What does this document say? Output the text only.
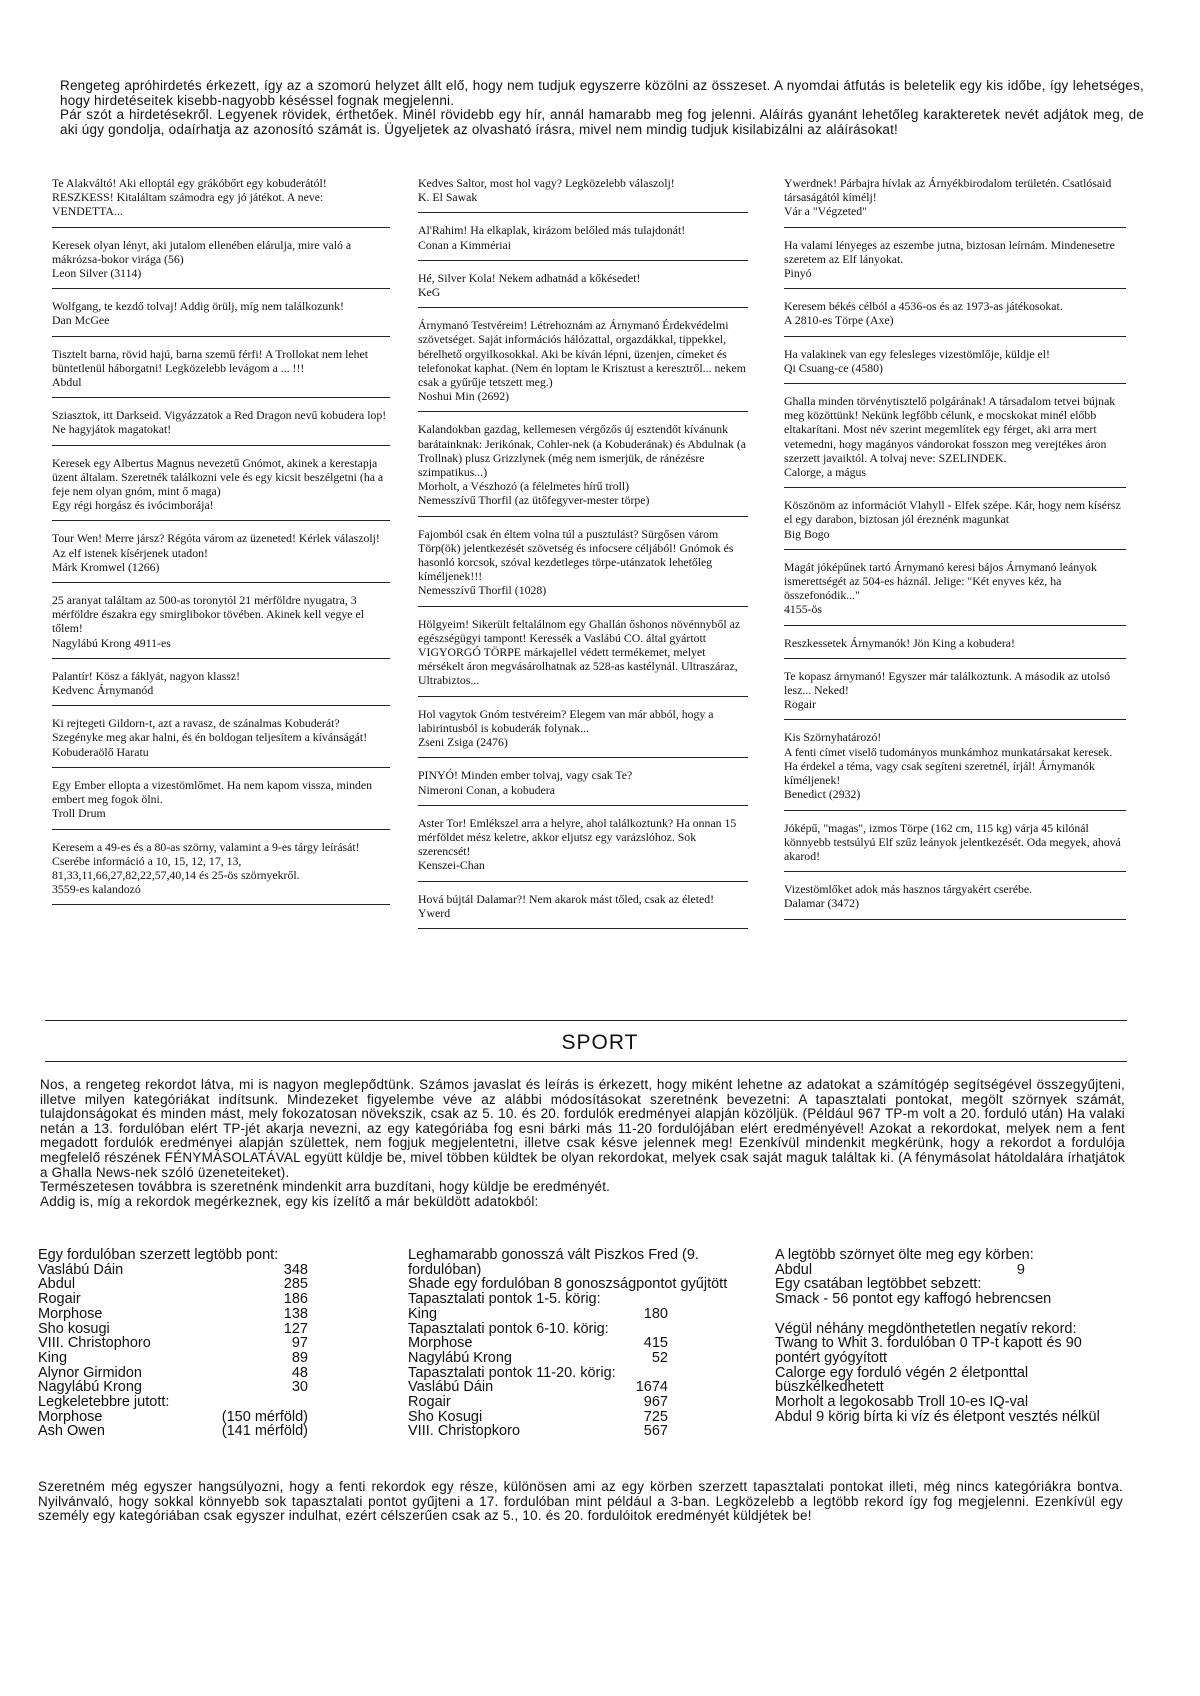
Rengeteg apróhirdetés érkezett, így az a szomorú helyzet állt elő, hogy nem tudjuk egyszerre közölni az összeset. A nyomdai átfutás is beletelik egy kis időbe, így lehetséges, hogy hirdetéseitek kisebb-nagyobb késéssel fognak megjelenni.

Pár szót a hirdetésekről. Legyenek rövidek, érthetőek. Minél rövidebb egy hír, annál hamarabb meg fog jelenni. Aláírás gyanánt lehetőleg karakteretek nevét adjátok meg, de aki úgy gondolja, odaírhatja az azonosító számát is. Ügyeljetek az olvasható írásra, mivel nem mindig tudjuk kisilabizálni az aláírásokat!

Te Alakváltó! Aki elloptál egy grákóbőrt egy kobuderától! RESZKESS! Kitaláltam számodra egy jó játékot. A neve: VENDETTA...
Keresek olyan lényt, aki jutalom ellenében elárulja, mire való a mákrózsa-bokor virága (56)
Leon Silver (3114)
Wolfgang, te kezdő tolvaj! Addig örülj, míg nem találkozunk!
Dan McGee
Tisztelt barna, rövid hajú, barna szemű férfi! A Trollokat nem lehet büntetlenül háborgatni! Legközelebb levágom a ... !!!
Abdul
Sziasztok, itt Darkseid. Vigyázzatok a Red Dragon nevű kobudera lop! Ne hagyjátok magatokat!
Keresek egy Albertus Magnus nevezetű Gnómot, akinek a kerestapja üzent általam. Szeretnék találkozni vele és egy kicsit beszélgetni (ha a feje nem olyan gnóm, mint ő maga)
Egy régi horgász és ivócimborája!
Tour Wen! Merre jársz? Régóta várom az üzeneted! Kérlek válaszolj! Az elf istenek kísérjenek utadon!
Márk Kromwel (1266)
25 aranyat találtam az 500-as toronytól 21 mérföldre nyugatra, 3 mérföldre északra egy smirglibokor tövében. Akinek kell vegye el tőlem!
Nagylábú Krong 4911-es
Palantír! Kösz a fáklyát, nagyon klassz!
Kedvenc Árnymanód
Ki rejtegeti Gildorn-t, azt a ravasz, de szánalmas Kobuderát? Szegényke meg akar halni, és én boldogan teljesítem a kívánságát!
Kobuderaölő Haratu
Egy Ember ellopta a vizestömlőmet. Ha nem kapom vissza, minden embert meg fogok ölni.
Troll Drum
Keresem a 49-es és a 80-as szörny, valamint a 9-es tárgy leírását! Cserébe információ a 10, 15, 12, 17, 13, 81,33,11,66,27,82,22,57,40,14 és 25-ös szörnyekről.
3559-es kalandozó
Kedves Saltor, most hol vagy? Legközelebb válaszolj!
K. El Sawak
Al'Rahim! Ha elkaplak, kirázom belőled más tulajdonát!
Conan a Kimmériai
Hé, Silver Kola! Nekem adhatnád a kőkésedet!
KeG
Árnymanó Testvéreim! Létrehoznám az Árnymanó Érdekvédelmi szövetséget. Saját információs hálózattal, orgazdákkal, tippekkel, bérelhető orgyilkosokkal. Aki be kíván lépni, üzenjen, címeket és telefonokat kaphat. (Nem én loptam le Krisztust a keresztről... nekem csak a gyűrűje tetszett meg.)
Noshui Min (2692)
Kalandokban gazdag, kellemesen vérgőzős új esztendőt kívánunk barátainknak: Jerikónak, Cohler-nek (a Kobuderának) és Abdulnak (a Trollnak) plusz Grizzlynek (még nem ismerjük, de ránézésre szimpatikus...)
Morholt, a Vészhozó (a félelmetes hírű troll)
Nemesszívű Thorfil (az ütőfegyver-mester törpe)
Fajomból csak én éltem volna túl a pusztulást? Sürgősen várom Törp(ök) jelentkezését szövetség és infocsere céljából! Gnómok és hasonló korcsok, szóval kezdetleges törpe-utánzatok lehetőleg kíméljenek!!!
Nemesszívű Thorfil (1028)
Hölgyeim! Sikerült feltalálnom egy Ghallán őshonos növénnyből az egészségügyi tampont! Keressék a Vaslábú CO. által gyártott VIGYORGÓ TÖRPE márkajellel védett termékemet, melyet mérsékelt áron megvásárolhatnak az 528-as kastélynál. Ultraszáraz, Ultrabiztos...
Hol vagytok Gnóm testvéreim? Elegem van már abból, hogy a labirintusból is kobuderák folynak...
Zseni Zsiga (2476)
PINYÓ! Minden ember tolvaj, vagy csak Te?
Nimeroni Conan, a kobudera
Aster Tor! Emlékszel arra a helyre, ahol találkoztunk? Ha onnan 15 mérföldet mész keletre, akkor eljutsz egy varázslóhoz. Sok szerencsét!
Kenszei-Chan
Hová bújtál Dalamar?! Nem akarok mást tőled, csak az életed!
Ywerd
Ywerdnek! Párbajra hívlak az Árnyékbirodalom területén. Csatlósaid társaságától kímélj!
Vár a "Végzeted"
Ha valami lényeges az eszembe jutna, biztosan leírnám. Mindenesetre szeretem az Elf lányokat.
Pinyó
Keresem békés célból a 4536-os és az 1973-as játékosokat.
A 2810-es Törpe (Axe)
Ha valakinek van egy felesleges vizestömlője, küldje el!
Qi Csuang-ce (4580)
Ghalla minden törvénytisztelő polgárának! A társadalom tetvei bújnak meg közöttünk! Nekünk legfőbb célunk, e mocskokat minél előbb eltakarítani. Most név szerint megemlítek egy férget, aki arra mert vetemedni, hogy magányos vándorokat fosszon meg verejtékes áron szerzett javaiktól. A tolvaj neve: SZELINDEK.
Calorge, a mágus
Köszönöm az információt Vlahyll - Elfek szépe. Kár, hogy nem kísérsz el egy darabon, biztosan jól éreznénk magunkat
Big Bogo
Magát jóképűnek tartó Árnymanó keresi bájos Árnymanó leányok ismerettségét az 504-es háznál. Jelige: "Két enyves kéz, ha összefonódik..."
4155-ös
Reszkessetek Árnymanók! Jön King a kobudera!
Te kopasz árnymanó! Egyszer már találkoztunk. A második az utolsó lesz... Neked!
Rogair
Kis Szörnyhatározó!
A fenti címet viselő tudományos munkámhoz munkatársakat keresek. Ha érdekel a téma, vagy csak segíteni szeretnél, írjál! Árnymanók kíméljenek!
Benedict (2932)
Jóképű, "magas", izmos Törpe (162 cm, 115 kg) várja 45 kilónál könnyebb testsúlyú Elf szűz leányok jelentkezését. Oda megyek, ahová akarod!
Vizestömlőket adok más hasznos tárgyakért cserébe.
Dalamar (3472)
SPORT

Nos, a rengeteg rekordot látva, mi is nagyon meglepődtünk. Számos javaslat és leírás is érkezett, hogy miként lehetne az adatokat a számítógép segítségével összegyűjteni, illetve milyen kategóriákat indítsunk. Mindezeket figyelembe véve az alábbi módosításokat szeretnénk bevezetni: A tapasztalati pontokat, megölt szörnyek számát, tulajdonságokat és minden mást, mely fokozatosan növekszik, csak az 5. 10. és 20. fordulók eredményei alapján közöljük. (Például 967 TP-m volt a 20. forduló után) Ha valaki netán a 13. fordulóban elért TP-jét akarja nevezni, az egy kategóriába fog esni bárki más 11-20 fordulójában elért eredményével! Azokat a rekordokat, melyek nem a fent megadott fordulók eredményei alapján születtek, nem fogjuk megjelentetni, illetve csak késve jelennek meg! Ezenkívül mindenkit megkérünk, hogy a rekordot a fordulója megfelelő részének FÉNYMÁSOLATÁVAL együtt küldje be, mivel többen küldtek be olyan rekordokat, melyek csak saját maguk találtak ki. (A fénymásolat hátoldalára írhatjátok a Ghalla News-nek szóló üzeneteiteket).

Természetesen továbbra is szeretnénk mindenkit arra buzdítani, hogy küldje be eredményét.

Addig is, míg a rekordok megérkeznek, egy kis ízelítő a már beküldött adatokból:

Egy fordulóban szerzett legtöbb pont:
Vaslábú Dáin	348
Abdul	285
Rogair	186
Morphose	138
Sho kosugi	127
VIII. Christophoro	97
King	89
Alynor Girmidon	48
Nagylábú Krong	30
Legkeletebbre jutott:
Morphose	(150 mérföld)
Ash Owen	(141 mérföld)
Leghamarabb gonosszá vált Piszkos Fred (9. fordulóban)
Shade egy fordulóban 8 gonoszságpontot gyűjtött
Tapasztalati pontok 1-5. körig:
King	180
Tapasztalati pontok 6-10. körig:
Morphose	415
Nagylábú Krong	52
Tapasztalati pontok 11-20. körig:
Vaslábú Dáin	1674
Rogair	967
Sho Kosugi	725
VIII. Christopkoro	567
A legtöbb szörnyet ölte meg egy körben:
Abdul	9
Egy csatában legtöbbet sebzett:
Smack - 56 pontot egy kaffogó hebrencsen
Végül néhány megdönthetetlen negatív rekord:
Twang to Whit 3. fordulóban 0 TP-t kapott és 90 pontért gyógyított
Calorge egy forduló végén 2 életponttal büszkélkedhetett
Morholt a legokosabb Troll 10-es IQ-val
Abdul 9 körig bírta ki víz és életpont vesztés nélkül
Szeretném még egyszer hangsúlyozni, hogy a fenti rekordok egy része, különösen ami az egy körben szerzett tapasztalati pontokat illeti, még nincs kategóriákra bontva. Nyilvánvaló, hogy sokkal könnyebb sok tapasztalati pontot gyűjteni a 17. fordulóban mint például a 3-ban. Legközelebb a legtöbb rekord így fog megjelenni. Ezenkívül egy személy egy kategóriában csak egyszer indulhat, ezért célszerűen csak az 5., 10. és 20. fordulóitok eredményét küldjétek be!
